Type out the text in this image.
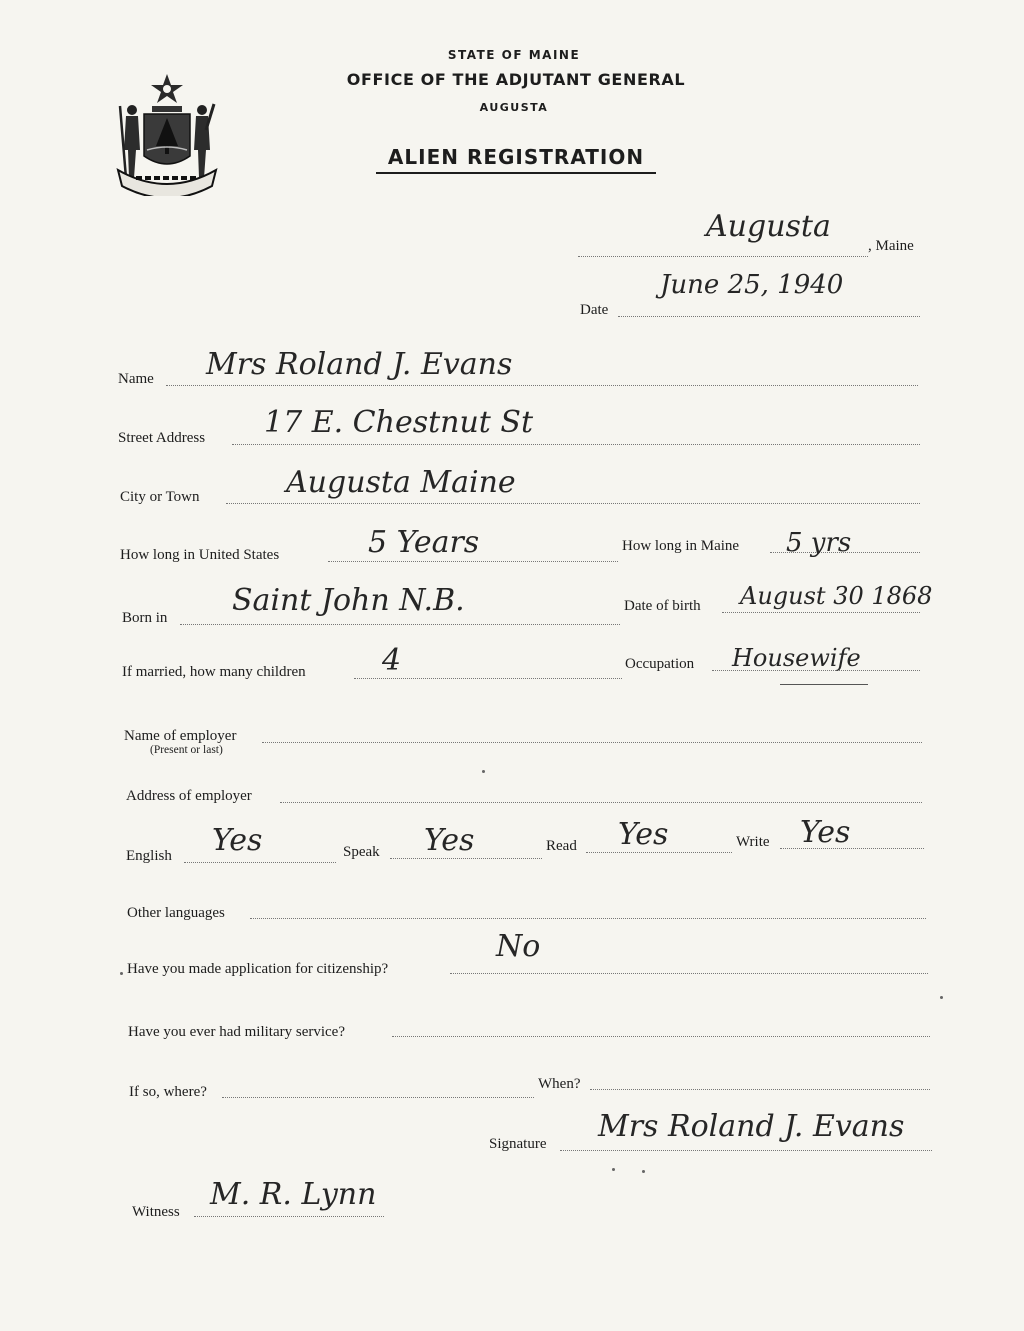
STATE OF MAINE
OFFICE OF THE ADJUTANT GENERAL
AUGUSTA
ALIEN REGISTRATION
Augusta
, Maine
Date
June 25, 1940
Name Mrs Roland J. Evans
Street Address 17 E. Chestnut St
City or Town	Augusta Maine
How long in United States	5 Years	How long in Maine 5 yrs
Born in Saint John N.B.	Date of birth August 30 1868
If married, how many children	4	Occupation Housewife
Name of employer
(Present or last)
Address of employer
English Yes	Speak Yes	Read Yes	Write Yes
Other languages
Have you made application for citizenship?
No
Have you ever had military service?
If so, where?	When?
Signature Mrs Roland J. Evans
Witness M. R. Lynn
